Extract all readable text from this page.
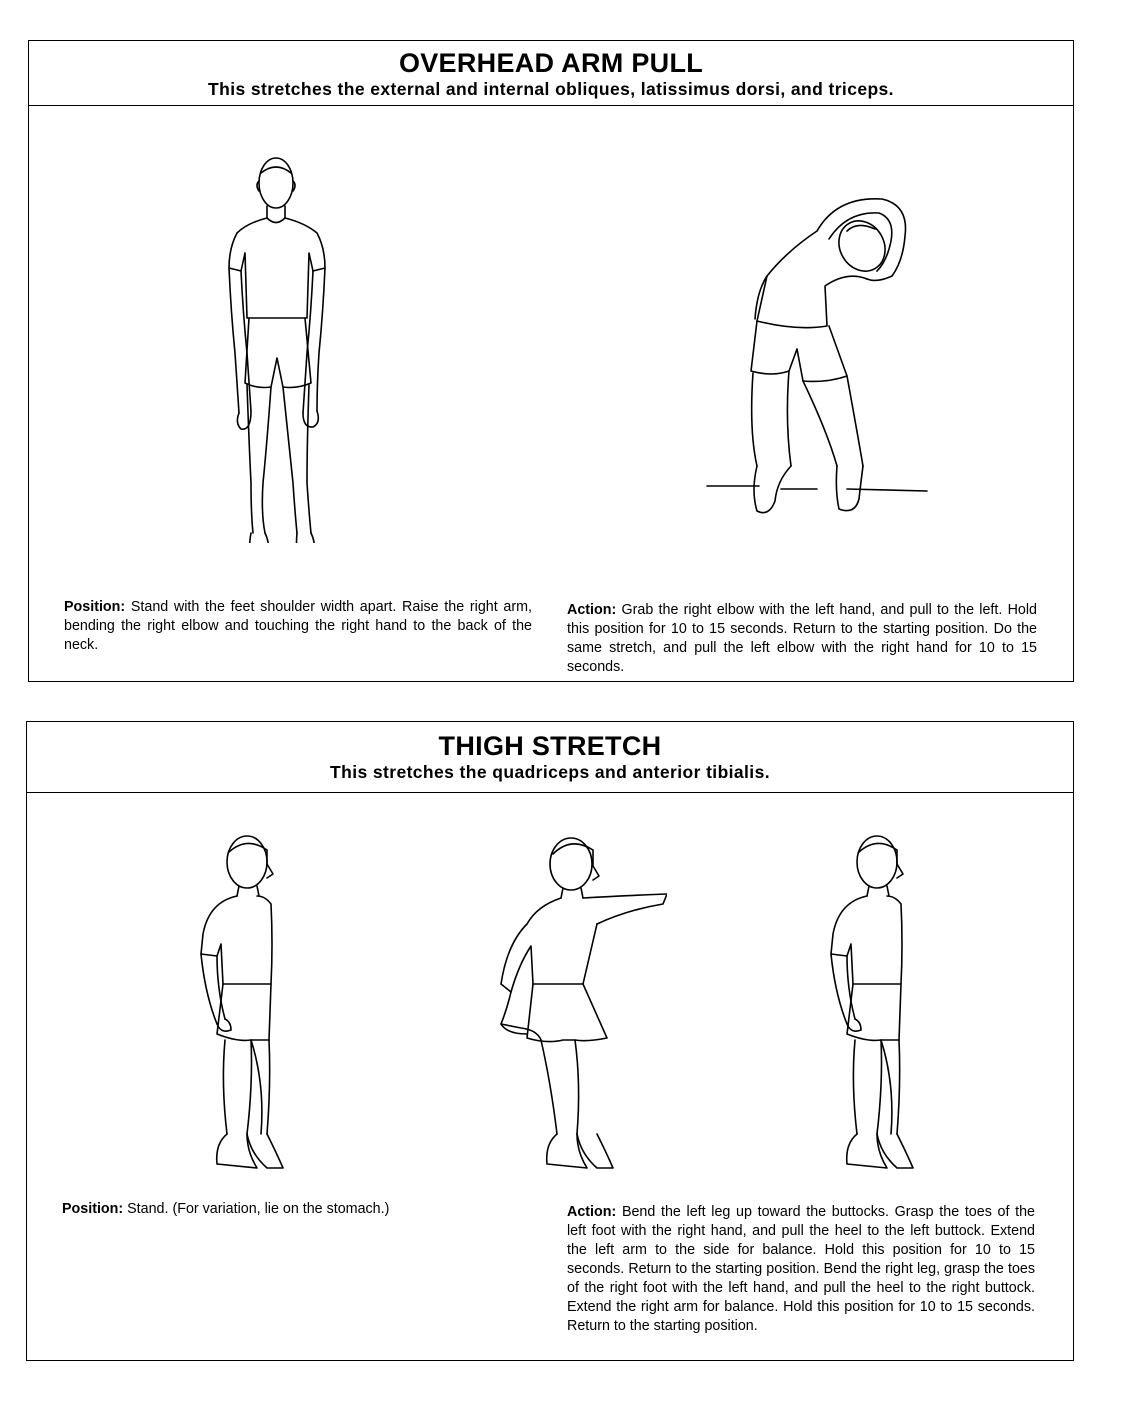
OVERHEAD ARM PULL
This stretches the external and internal obliques, latissimus dorsi, and triceps.
Position: Stand with the feet shoulder width apart. Raise the right arm, bending the right elbow and touching the right hand to the back of the neck.
Action: Grab the right elbow with the left hand, and pull to the left. Hold this position for 10 to 15 seconds. Return to the starting position. Do the same stretch, and pull the left elbow with the right hand for 10 to 15 seconds.
THIGH STRETCH
This stretches the quadriceps and anterior tibialis.
Position: Stand. (For variation, lie on the stomach.)	Action: Bend the left leg up toward the buttocks. Grasp the toes of the left foot with the right hand, and pull the heel to the left buttock. Extend the left arm to the side for balance. Hold this position for 10 to 15 seconds. Return to the starting position. Bend the right leg, grasp the toes of the right foot with the left hand, and pull the heel to the right buttock. Extend the right arm for balance. Hold this position for 10 to 15 seconds. Return to the starting position.
